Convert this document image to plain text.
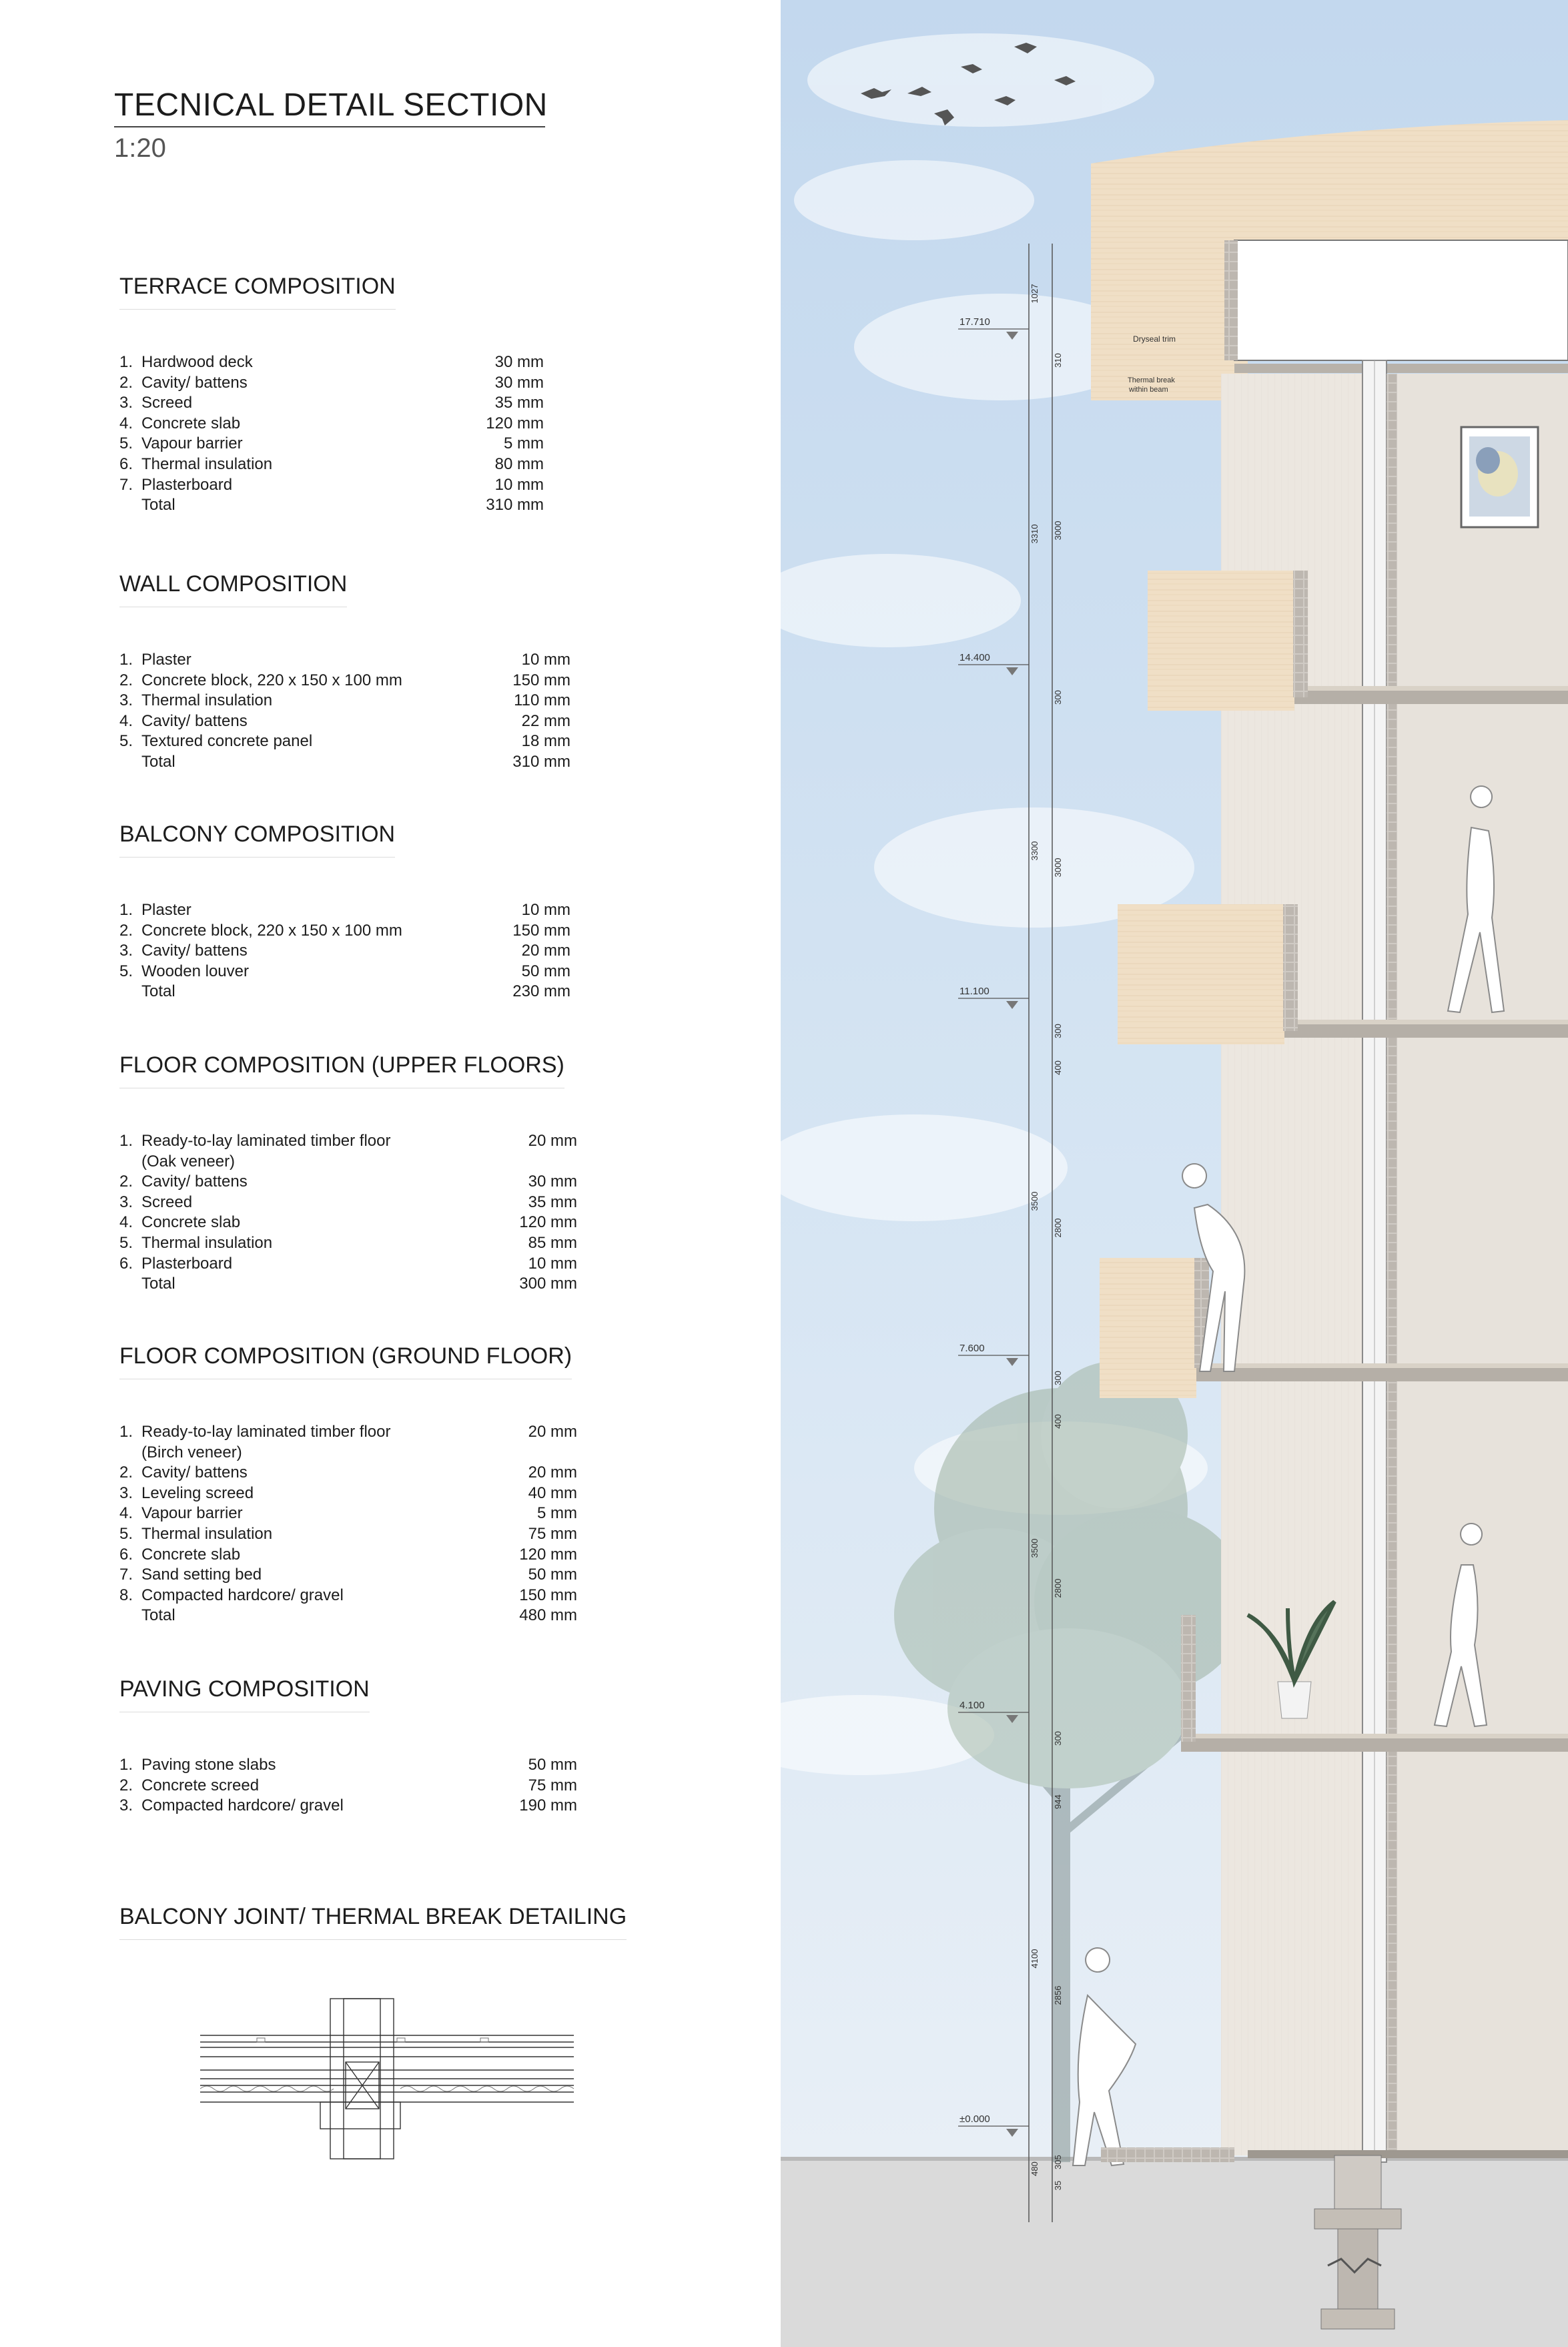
TECNICAL DETAIL SECTION
1:20
TERRACE COMPOSITION
1. Hardwood deck	30 mm
2. Cavity/ battens	30 mm
3. Screed	35 mm
4. Concrete slab	120 mm
5. Vapour barrier	5 mm
6. Thermal insulation	80 mm
7. Plasterboard	10 mm
Total	310 mm
WALL COMPOSITION
1. Plaster	10 mm
2. Concrete block, 220 x 150 x 100 mm	150 mm
3. Thermal insulation	110 mm
4. Cavity/ battens	22 mm
5. Textured concrete panel	18 mm
Total	310 mm
BALCONY COMPOSITION
1. Plaster	10 mm
2. Concrete block, 220 x 150 x 100 mm	150 mm
3. Cavity/ battens	20 mm
5. Wooden louver	50 mm
Total	230 mm
FLOOR COMPOSITION (UPPER FLOORS)
1. Ready-to-lay laminated timber floor	20 mm
(Oak veneer)
2. Cavity/ battens	30 mm
3. Screed	35 mm
4. Concrete slab	120 mm
5. Thermal insulation	85 mm
6. Plasterboard	10 mm
Total	300 mm
FLOOR COMPOSITION (GROUND FLOOR)
1. Ready-to-lay laminated timber floor	20 mm
(Birch veneer)
2. Cavity/ battens	20 mm
3. Leveling screed	40 mm
4. Vapour barrier	5 mm
5. Thermal insulation	75 mm
6. Concrete slab	120 mm
7. Sand setting bed	50 mm
8. Compacted hardcore/ gravel	150 mm
Total	480 mm
PAVING COMPOSITION
1. Paving stone slabs	50 mm
2. Concrete screed	75 mm
3. Compacted hardcore/ gravel	190 mm
BALCONY JOINT/ THERMAL BREAK DETAILING
17.710
14.400
11.100
7.600
4.100
±0.000
1027
3310
3300
3500
3500
4100
480
310
3000
300
3000
300
400
2800
300
400
2800
300
944
2856
305
35
Dryseal trim
Thermal break
within beam
